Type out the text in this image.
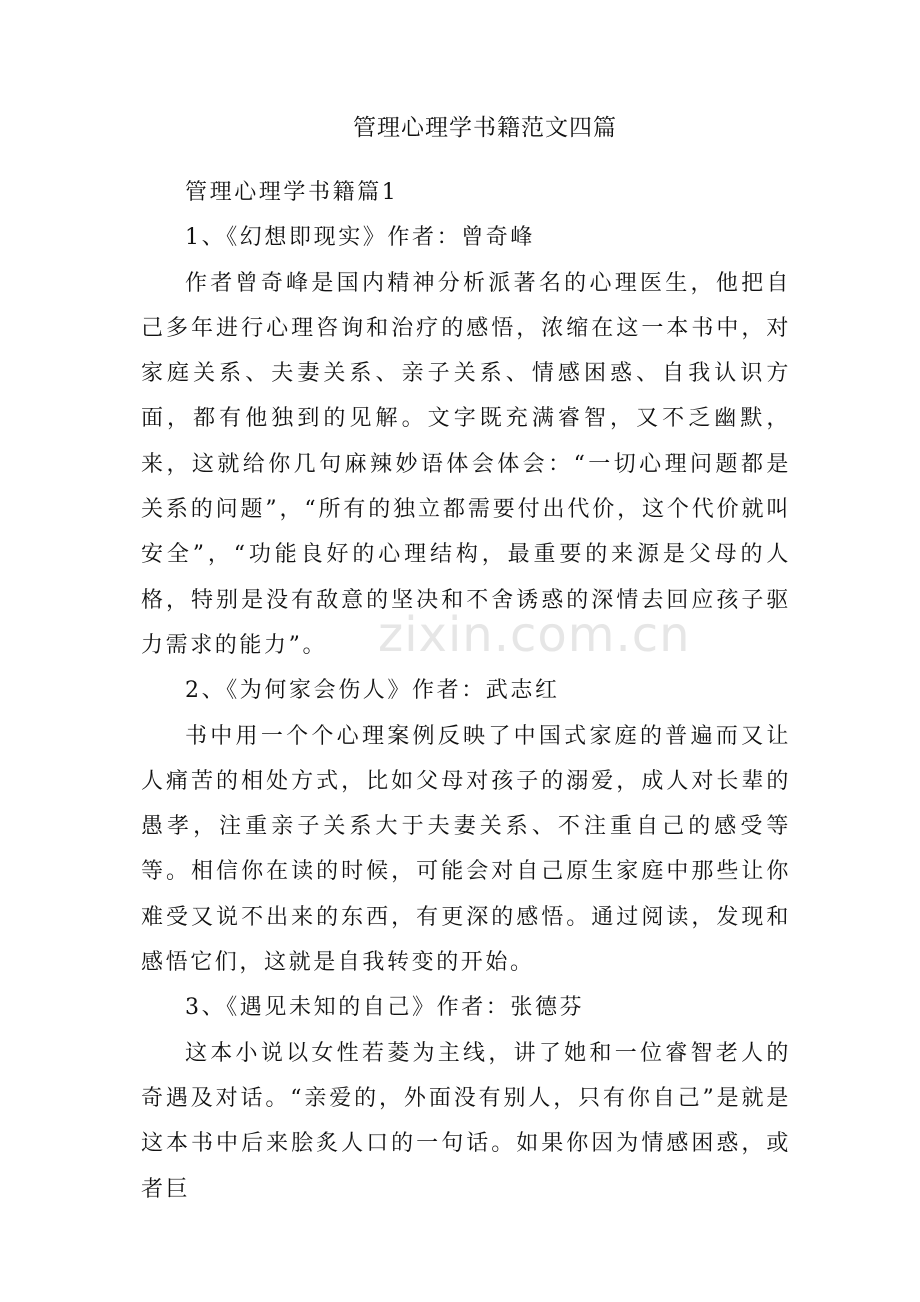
zixin.com.cn
管理心理学书籍范文四篇

管理心理学书籍篇1

1、《幻想即现实》作者：曾奇峰

作者曾奇峰是国内精神分析派著名的心理医生，他把自己多年进行心理咨询和治疗的感悟，浓缩在这一本书中，对家庭关系、夫妻关系、亲子关系、情感困惑、自我认识方面，都有他独到的见解。文字既充满睿智，又不乏幽默，来，这就给你几句麻辣妙语体会体会：“一切心理问题都是关系的问题”，“所有的独立都需要付出代价，这个代价就叫安全”，“功能良好的心理结构，最重要的来源是父母的人格，特别是没有敌意的坚决和不舍诱惑的深情去回应孩子驱力需求的能力”。

2、《为何家会伤人》作者：武志红

书中用一个个心理案例反映了中国式家庭的普遍而又让人痛苦的相处方式，比如父母对孩子的溺爱，成人对长辈的愚孝，注重亲子关系大于夫妻关系、不注重自己的感受等等。相信你在读的时候，可能会对自己原生家庭中那些让你难受又说不出来的东西，有更深的感悟。通过阅读，发现和感悟它们，这就是自我转变的开始。

3、《遇见未知的自己》作者：张德芬

这本小说以女性若菱为主线，讲了她和一位睿智老人的奇遇及对话。“亲爱的，外面没有别人，只有你自己”是就是这本书中后来脍炙人口的一句话。如果你因为情感困惑，或者巨
